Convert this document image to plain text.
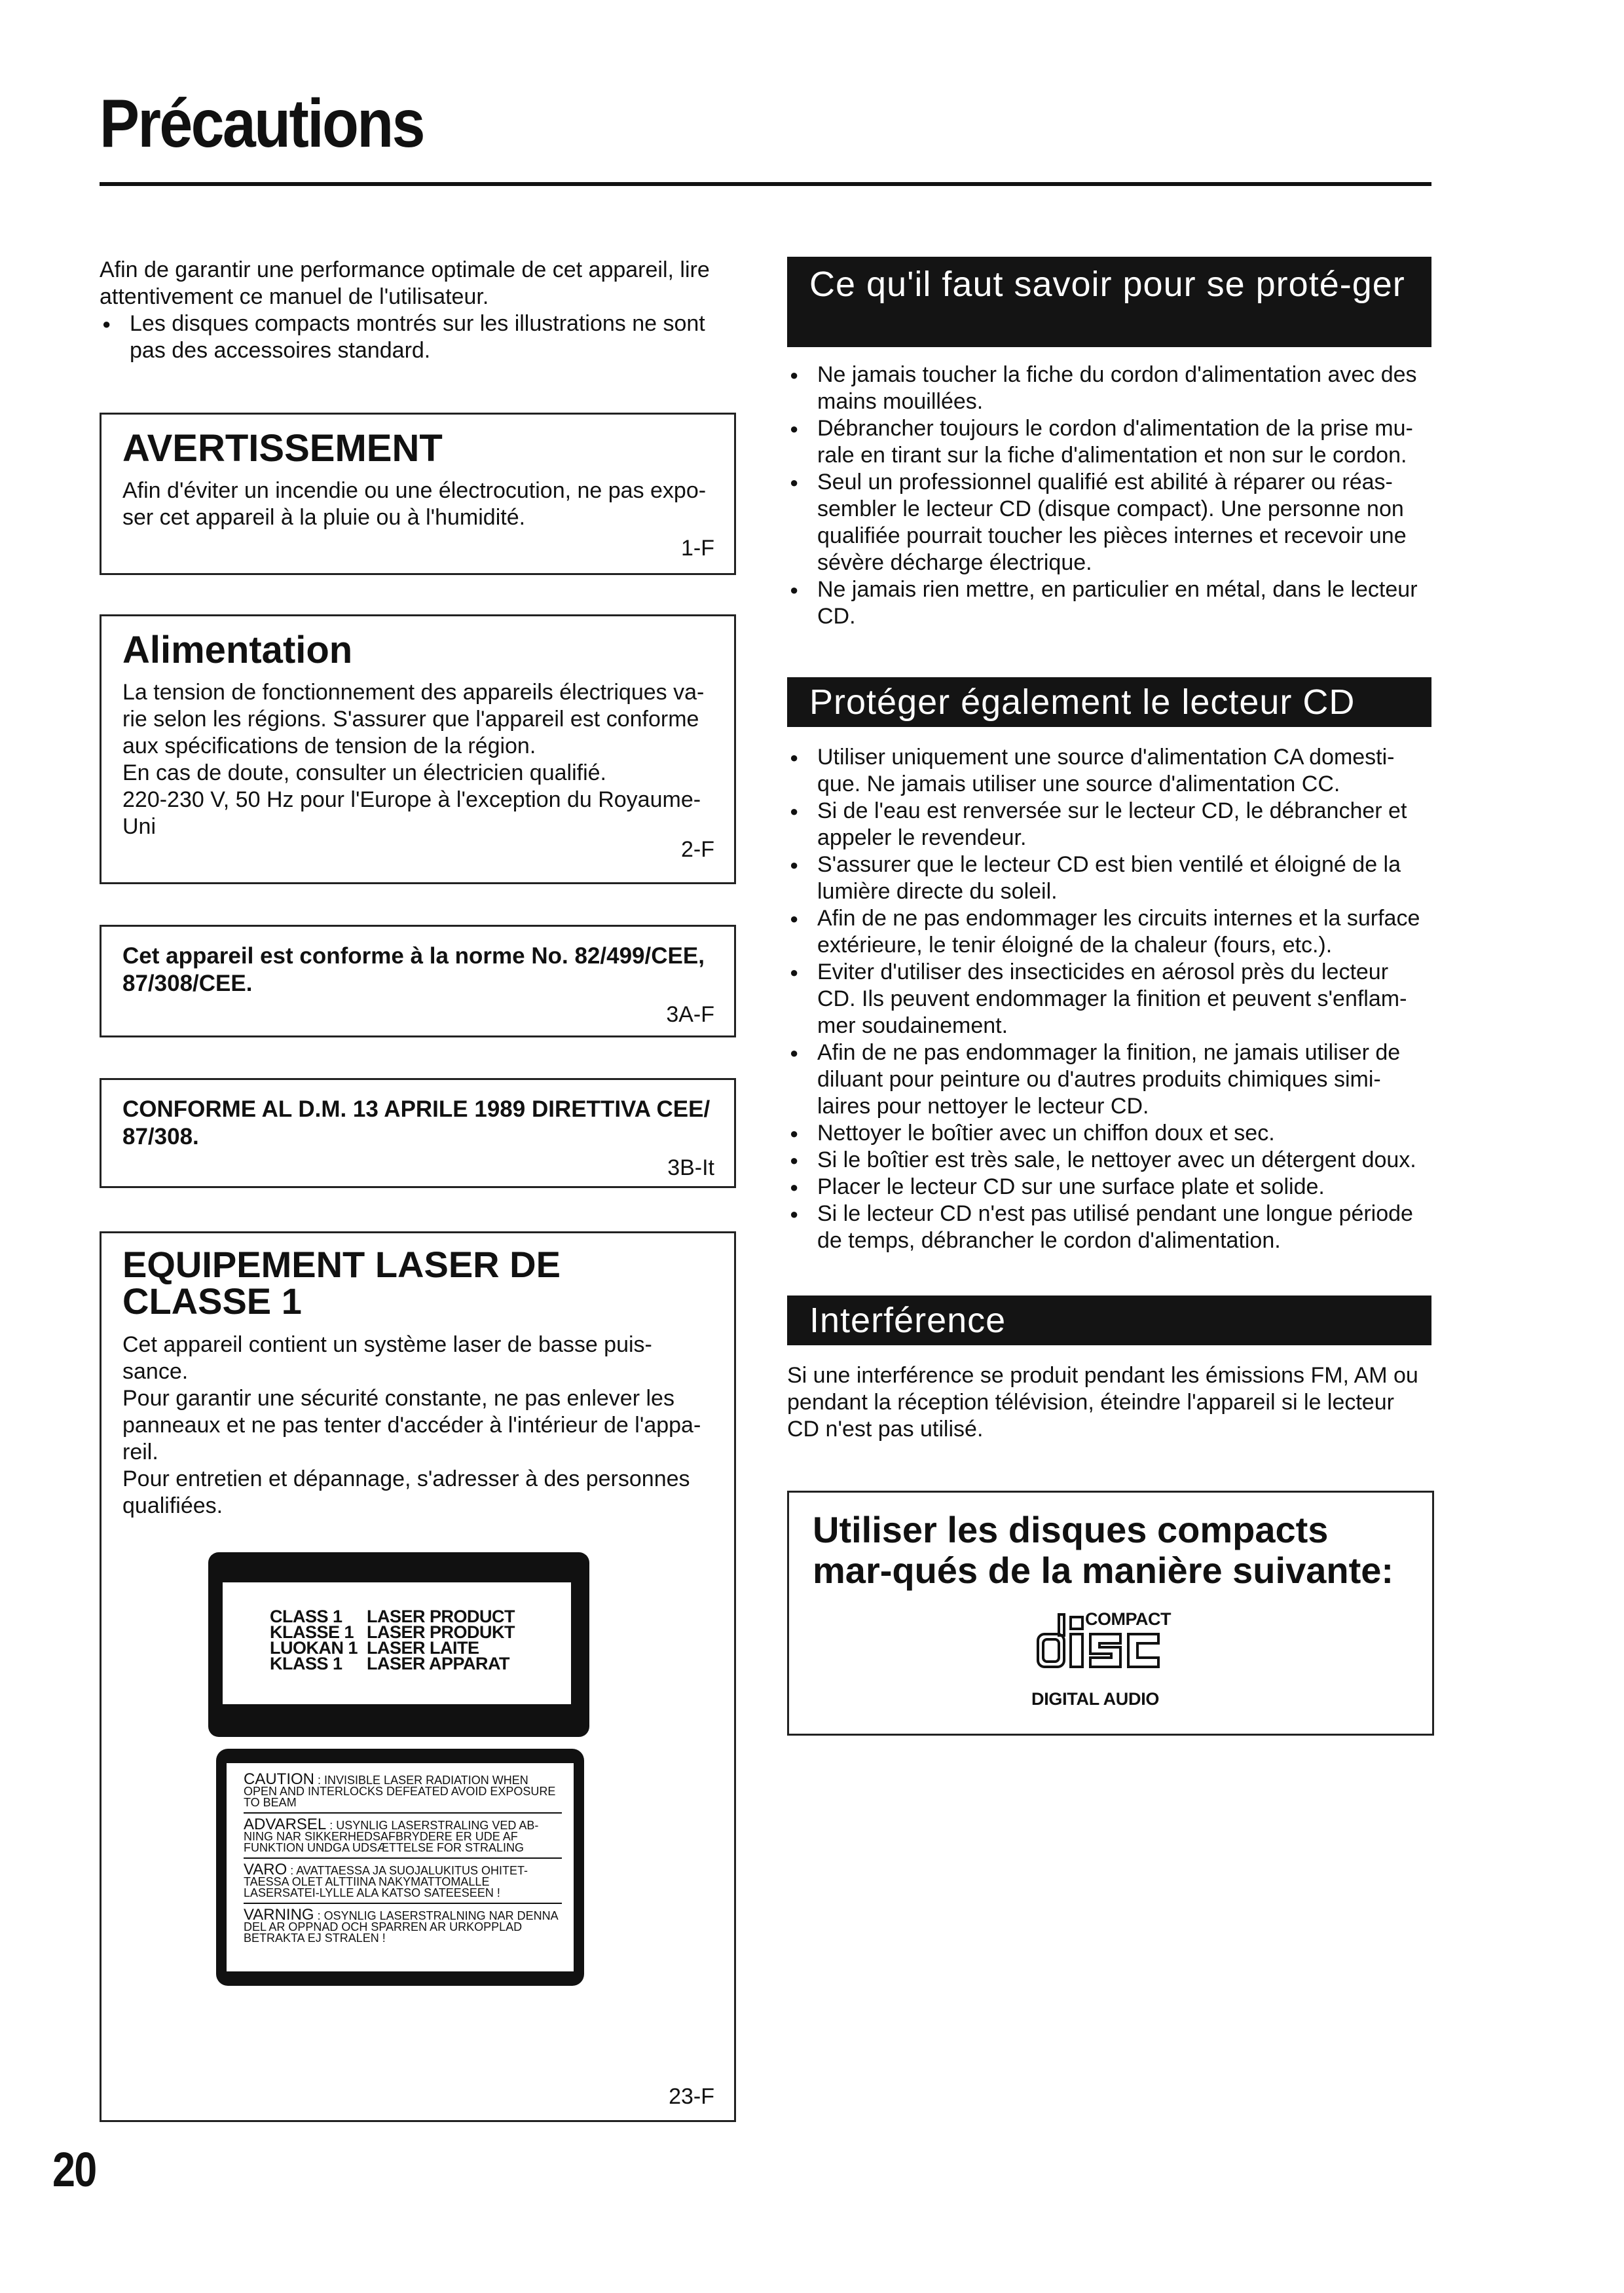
Précautions
Afin de garantir une performance optimale de cet appareil, lire attentivement ce manuel de l'utilisateur.
● Les disques compacts montrés sur les illustrations ne sont pas des accessoires standard.
AVERTISSEMENT
Afin d'éviter un incendie ou une électrocution, ne pas expo-ser cet appareil à la pluie ou à l'humidité.
1-F
Alimentation
La tension de fonctionnement des appareils électriques va-rie selon les régions. S'assurer que l'appareil est conforme aux spécifications de tension de la région.
En cas de doute, consulter un électricien qualifié.
220-230 V, 50 Hz pour l'Europe à l'exception du Royaume-Uni
2-F
Cet appareil est conforme à la norme No. 82/499/CEE, 87/308/CEE.
3A-F
CONFORME AL D.M. 13 APRILE 1989 DIRETTIVA CEE/ 87/308.
3B-It
EQUIPEMENT LASER DE CLASSE 1
Cet appareil contient un système laser de basse puis-sance.
Pour garantir une sécurité constante, ne pas enlever les panneaux et ne pas tenter d'accéder à l'intérieur de l'appa-reil.
Pour entretien et dépannage, s'adresser à des personnes qualifiées.
23-F
CLASS 1	LASER PRODUCT
KLASSE 1 LASER PRODUKT
LUOKAN 1 LASER LAITE
KLASS 1	LASER APPARAT
CAUTION : INVISIBLE LASER RADIATION WHEN OPEN AND INTERLOCKS DEFEATED AVOID EXPOSURE TO BEAM
ADVARSEL : USYNLIG LASERSTRALING VED AB-NING NAR SIKKERHEDSAFBRYDERE ER UDE AF FUNKTION UNDGA UDSÆTTELSE FOR STRALING
VARO : AVATTAESSA JA SUOJALUKITUS OHITET-TAESSA OLET ALTTIINA NAKYMATTOMALLE LASERSATEI-LYLLE ALA KATSO SATEESEEN !
VARNING : OSYNLIG LASERSTRALNING NAR DENNA DEL AR OPPNAD OCH SPARREN AR URKOPPLAD BETRAKTA EJ STRALEN !
20
Ce qu'il faut savoir pour se proté-ger
● Ne jamais toucher la fiche du cordon d'alimentation avec des mains mouillées.
● Débrancher toujours le cordon d'alimentation de la prise mu-rale en tirant sur la fiche d'alimentation et non sur le cordon.
● Seul un professionnel qualifié est abilité à réparer ou réas-sembler le lecteur CD (disque compact). Une personne non qualifiée pourrait toucher les pièces internes et recevoir une sévère décharge électrique.
● Ne jamais rien mettre, en particulier en métal, dans le lecteur CD.
Protéger également le lecteur CD
● Utiliser uniquement une source d'alimentation CA domesti-que. Ne jamais utiliser une source d'alimentation CC.
● Si de l'eau est renversée sur le lecteur CD, le débrancher et appeler le revendeur.
● S'assurer que le lecteur CD est bien ventilé et éloigné de la lumière directe du soleil.
● Afin de ne pas endommager les circuits internes et la surface extérieure, le tenir éloigné de la chaleur (fours, etc.).
● Eviter d'utiliser des insecticides en aérosol près du lecteur CD. Ils peuvent endommager la finition et peuvent s'enflam-mer soudainement.
● Afin de ne pas endommager la finition, ne jamais utiliser de diluant pour peinture ou d'autres produits chimiques simi-laires pour nettoyer le lecteur CD.
● Nettoyer le boîtier avec un chiffon doux et sec.
● Si le boîtier est très sale, le nettoyer avec un détergent doux.
● Placer le lecteur CD sur une surface plate et solide.
● Si le lecteur CD n'est pas utilisé pendant une longue période de temps, débrancher le cordon d'alimentation.
Interférence
Si une interférence se produit pendant les émissions FM, AM ou pendant la réception télévision, éteindre l'appareil si le lecteur CD n'est pas utilisé.
Utiliser les disques compacts mar-qués de la manière suivante:
COMPACT
DIGITAL AUDIO
